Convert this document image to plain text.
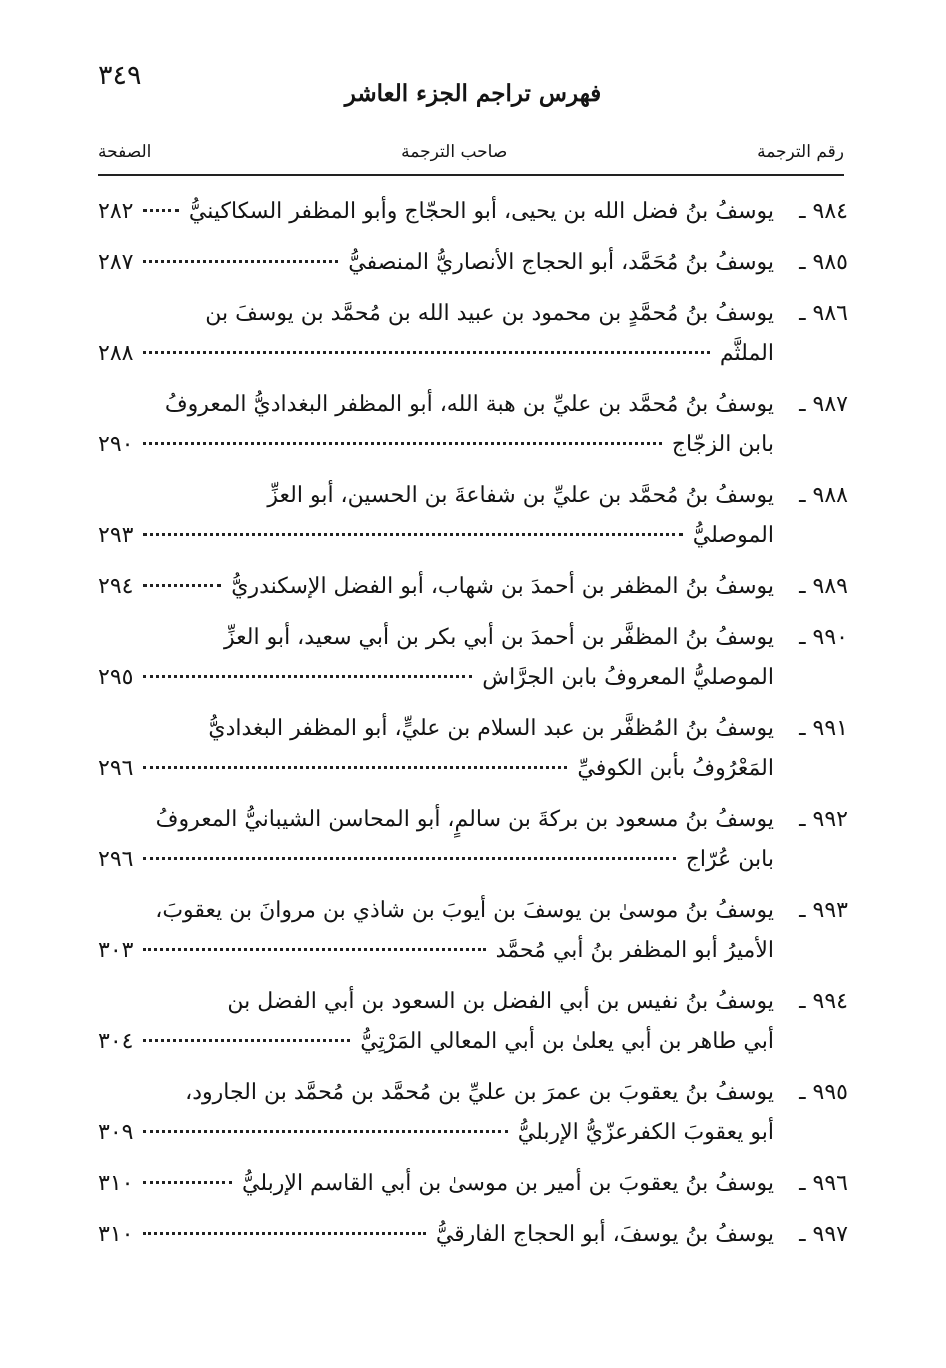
٣٤٩
فهرس تراجم الجزء العاشر
رقم الترجمة
صاحب الترجمة
الصفحة
٩٨٤ ـ
يوسفُ بنُ فضل الله بن يحيى، أبو الحجّاج وأبو المظفر السكاكينيُّ
٢٨٢
٩٨٥ ـ
يوسفُ بنُ مُحَمَّد، أبو الحجاج الأنصاريُّ المنصفيُّ
٢٨٧
٩٨٦ ـ
يوسفُ بنُ مُحمَّدٍ بن محمود بن عبيد الله بن مُحمَّد بن يوسفَ بن
الملثَّم
٢٨٨
٩٨٧ ـ
يوسفُ بنُ مُحمَّد بن عليِّ بن هبة الله، أبو المظفر البغداديُّ المعروفُ
بابن الزجّاج
٢٩٠
٩٨٨ ـ
يوسفُ بنُ مُحمَّد بن عليِّ بن شفاعةَ بن الحسين، أبو العزِّ
الموصليُّ
٢٩٣
٩٨٩ ـ
يوسفُ بنُ المظفر بن أحمدَ بن شهاب، أبو الفضل الإسكندريُّ
٢٩٤
٩٩٠ ـ
يوسفُ بنُ المظفَّر بن أحمدَ بن أبي بكر بن أبي سعيد، أبو العزِّ
الموصليُّ المعروفُ بابن الجرَّاش
٢٩٥
٩٩١ ـ
يوسفُ بنُ المُظفَّر بن عبد السلام بن عليٍّ، أبو المظفر البغداديُّ
المَعْرُوفُ بأبن الكوفيِّ
٢٩٦
٩٩٢ ـ
يوسفُ بنُ مسعود بن بركةَ بن سالمٍ، أبو المحاسن الشيبانيُّ المعروفُ
بابن عُرّاج
٢٩٦
٩٩٣ ـ
يوسفُ بنُ موسىٰ بن يوسفَ بن أيوبَ بن شاذي بن مروانَ بن يعقوبَ،
الأميرُ أبو المظفر بنُ أبي مُحمَّد
٣٠٣
٩٩٤ ـ
يوسفُ بنُ نفيس بن أبي الفضل بن السعود بن أبي الفضل بن
أبي طاهر بن أبي يعلىٰ بن أبي المعالي المَرْتِيُّ
٣٠٤
٩٩٥ ـ
يوسفُ بنُ يعقوبَ بن عمرَ بن عليِّ بن مُحمَّد بن مُحمَّد بن الجارود،
أبو يعقوبَ الكفرعزّيُّ الإربليُّ
٣٠٩
٩٩٦ ـ
يوسفُ بنُ يعقوبَ بن أمير بن موسىٰ بن أبي القاسم الإربليُّ
٣١٠
٩٩٧ ـ
يوسفُ بنُ يوسفَ، أبو الحجاج الفارقيُّ
٣١٠
